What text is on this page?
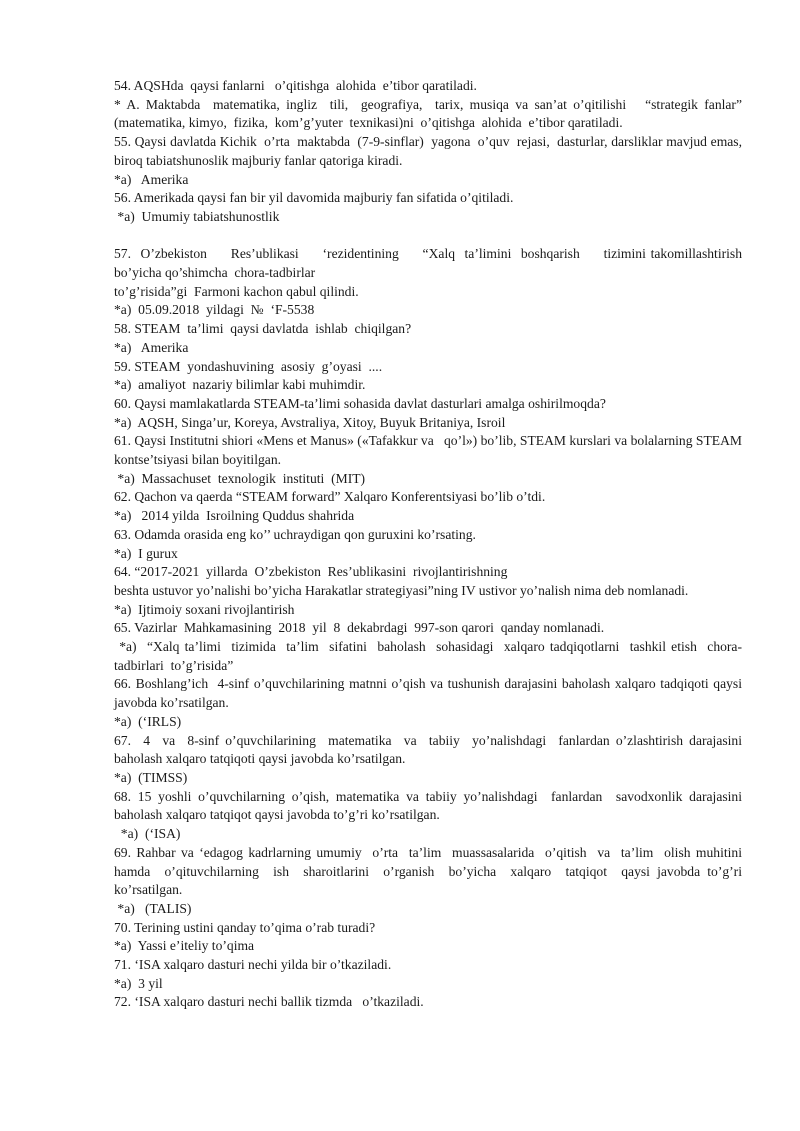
54. AQSHda  qaysi fanlarni   o’qitishga  alohida  e’tibor qaratiladi.
* A. Maktabda  matematika, ingliz  tili,  geografiya,  tarix, musiqa va san’at o’qitilishi   “strategik fanlar”  (matematika, kimyo,  fizika,  kom’g’yuter  texnikasi)ni  o’qitishga  alohida  e’tibor qaratiladi.
55. Qaysi davlatda Kichik  o’rta  maktabda  (7-9-sinflar)  yagona  o’quv  rejasi,  dasturlar, darsliklar mavjud emas, biroq tabiatshunoslik majburiy fanlar qatoriga kiradi.
*a)   Amerika
56. Amerikada qaysi fan bir yil davomida majburiy fan sifatida o’qitiladi.
*a)  Umumiy tabiatshunostlik
57.  O’zbekiston     Res’ublikasi     ‘rezidentining     “Xalq  ta’limini  boshqarish     tizimini takomillashtirish  bo’yicha qo’shimcha  chora-tadbirlar
to’g’risida”gi  Farmoni kachon qabul qilindi.
*a)  05.09.2018  yildagi  №  ‘F-5538
58. STEAM  ta’limi  qaysi davlatda  ishlab  chiqilgan?
*a)   Amerika
59. STEAM  yondashuvining  asosiy  g’oyasi  ....
*a)  amaliyot  nazariy bilimlar kabi muhimdir.
60. Qaysi mamlakatlarda STEAM-ta’limi sohasida davlat dasturlari amalga oshirilmoqda?
*a)  AQSH, Singa’ur, Koreya, Avstraliya, Xitoy, Buyuk Britaniya, Isroil
61. Qaysi Institutni shiori «Mens et Manus» («Tafakkur va   qo’l») bo’lib, STEAM kurslari va bolalarning STEAM kontse’tsiyasi bilan boyitilgan.
*a)  Massachuset  texnologik  instituti  (MIT)
62. Qachon va qaerda “STEAM forward” Xalqaro Konferentsiyasi bo’lib o’tdi.
*a)   2014 yilda  Isroilning Quddus shahrida
63. Odamda orasida eng ko’’ uchraydigan qon guruxini ko’rsating.
*a)  I gurux
64. “2017-2021  yillarda  O’zbekiston  Res’ublikasini  rivojlantirishning
beshta ustuvor yo’nalishi bo’yicha Harakatlar strategiyasi”ning IV ustivor yo’nalish nima deb nomlanadi.
*a)  Ijtimoiy soxani rivojlantirish
65. Vazirlar  Mahkamasining  2018  yil  8  dekabrdagi  997-son qarori  qanday nomlanadi.
*a)  “Xalq ta’limi  tizimida  ta’lim  sifatini  baholash  sohasidagi  xalqaro tadqiqotlarni  tashkil etish  chora-tadbirlari  to’g’risida”
66. Boshlang’ich  4-sinf o’quvchilarining matnni o’qish va tushunish darajasini baholash xalqaro tadqiqoti qaysi javobda ko’rsatilgan.
*a)  (‘IRLS)
67.  4  va  8-sinf o’quvchilarining  matematika  va  tabiiy  yo’nalishdagi  fanlardan o’zlashtirish darajasini  baholash xalqaro tatqiqoti qaysi javobda ko’rsatilgan.
*a)  (TIMSS)
68. 15 yoshli o’quvchilarning o’qish, matematika va tabiiy yo’nalishdagi  fanlardan  savodxonlik darajasini  baholash xalqaro tatqiqot qaysi javobda to’g’ri ko’rsatilgan.
*a)  (‘ISA)
69. Rahbar va ‘edagog kadrlarning umumiy  o’rta  ta’lim  muassasalarida  o’qitish  va  ta’lim  olish muhitini  hamda  o’qituvchilarning  ish  sharoitlarini  o’rganish  bo’yicha  xalqaro  tatqiqot  qaysi javobda to’g’ri ko’rsatilgan.
*a)   (TALIS)
70. Terining ustini qanday to’qima o’rab turadi?
*a)  Yassi e’iteliy to’qima
71. ‘ISA xalqaro dasturi nechi yilda bir o’tkaziladi.
*a)  3 yil
72. ‘ISA xalqaro dasturi nechi ballik tizmda   o’tkaziladi.
